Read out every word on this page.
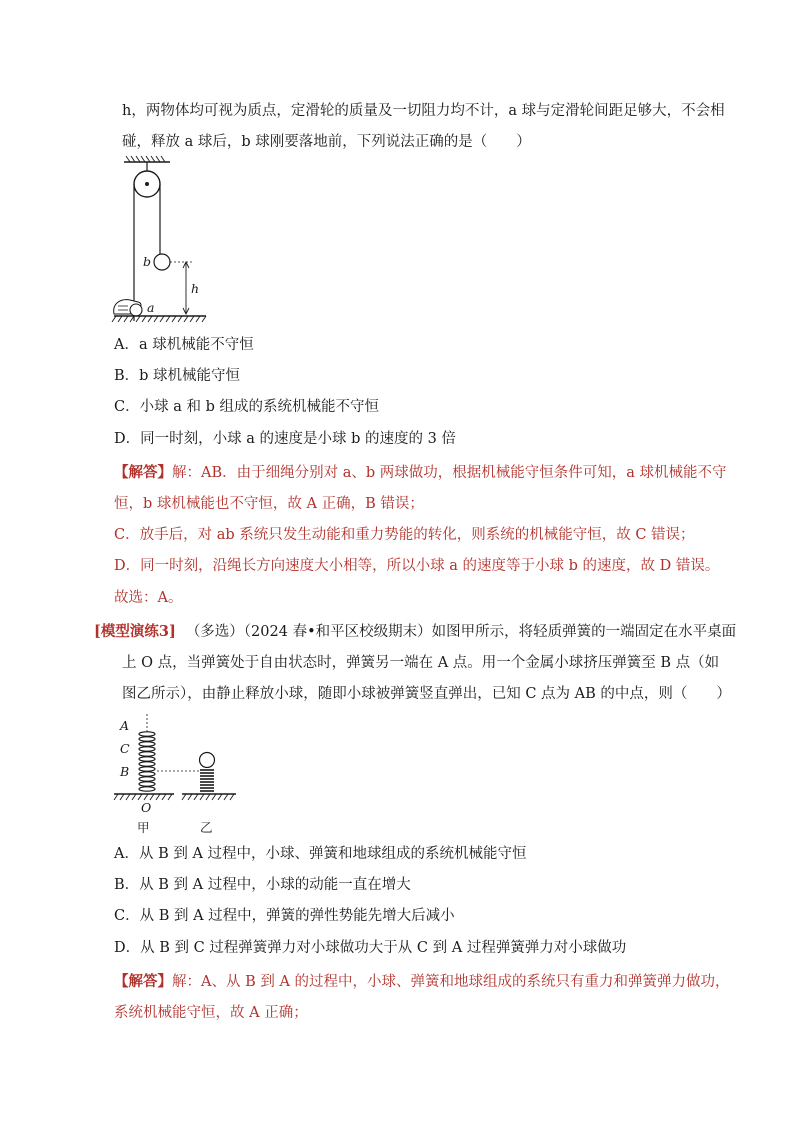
h，两物体均可视为质点，定滑轮的质量及一切阻力均不计，a 球与定滑轮间距足够大，不会相
碰，释放 a 球后，b 球刚要落地前，下列说法正确的是（　　）
b
h
a
A．a 球机械能不守恒
B．b 球机械能守恒
C．小球 a 和 b 组成的系统机械能不守恒
D．同一时刻，小球 a 的速度是小球 b 的速度的 3 倍
【解答】解：AB．由于细绳分别对 a、b 两球做功，根据机械能守恒条件可知，a 球机械能不守
恒，b 球机械能也不守恒，故 A 正确，B 错误；
C．放手后，对 ab 系统只发生动能和重力势能的转化，则系统的机械能守恒，故 C 错误；
D．同一时刻，沿绳长方向速度大小相等，所以小球 a 的速度等于小球 b 的速度，故 D 错误。
故选：A。
[模型演练3] （多选）（2024 春•和平区校级期末）如图甲所示，将轻质弹簧的一端固定在水平桌面
上 O 点，当弹簧处于自由状态时，弹簧另一端在 A 点。用一个金属小球挤压弹簧至 B 点（如
图乙所示），由静止释放小球，随即小球被弹簧竖直弹出，已知 C 点为 AB 的中点，则（　　）
A
C
B
O
甲	乙
A．从 B 到 A 过程中，小球、弹簧和地球组成的系统机械能守恒
B．从 B 到 A 过程中，小球的动能一直在增大
C．从 B 到 A 过程中，弹簧的弹性势能先增大后减小
D．从 B 到 C 过程弹簧弹力对小球做功大于从 C 到 A 过程弹簧弹力对小球做功
【解答】解：A、从 B 到 A 的过程中，小球、弹簧和地球组成的系统只有重力和弹簧弹力做功，
系统机械能守恒，故 A 正确；
